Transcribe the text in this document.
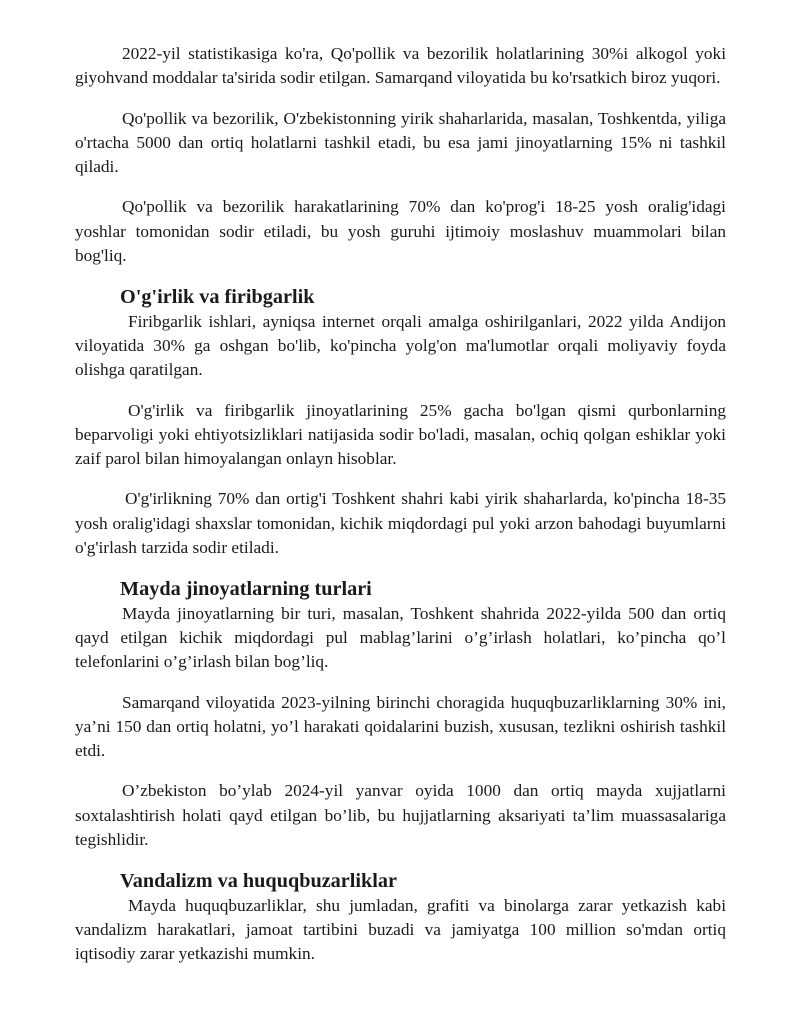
2022-yil statistikasiga ko'ra, Qo'pollik va bezorilik holatlarining 30%i alkogol yoki giyohvand moddalar ta'sirida sodir etilgan. Samarqand viloyatida bu ko'rsatkich biroz yuqori.

Qo'pollik va bezorilik, O'zbekistonning yirik shaharlarida, masalan, Toshkentda, yiliga o'rtacha 5000 dan ortiq holatlarni tashkil etadi, bu esa jami jinoyatlarning 15% ni tashkil qiladi.

Qo'pollik va bezorilik harakatlarining 70% dan ko'prog'i 18-25 yosh oralig'idagi yoshlar tomonidan sodir etiladi, bu yosh guruhi ijtimoiy moslashuv muammolari bilan bog'liq.

O'g'irlik va firibgarlik

Firibgarlik ishlari, ayniqsa internet orqali amalga oshirilganlari, 2022 yilda Andijon viloyatida 30% ga oshgan bo'lib, ko'pincha yolg'on ma'lumotlar orqali moliyaviy foyda olishga qaratilgan.

O'g'irlik va firibgarlik jinoyatlarining 25% gacha bo'lgan qismi qurbonlarning beparvoligi yoki ehtiyotsizliklari natijasida sodir bo'ladi, masalan, ochiq qolgan eshiklar yoki zaif parol bilan himoyalangan onlayn hisoblar.

O'g'irlikning 70% dan ortig'i Toshkent shahri kabi yirik shaharlarda, ko'pincha 18-35 yosh oralig'idagi shaxslar tomonidan, kichik miqdordagi pul yoki arzon bahodagi buyumlarni o'g'irlash tarzida sodir etiladi.

Mayda jinoyatlarning turlari

Mayda jinoyatlarning bir turi, masalan, Toshkent shahrida 2022-yilda 500 dan ortiq qayd etilgan kichik miqdordagi pul mablag’larini o’g’irlash holatlari, ko’pincha qo’l telefonlarini o’g’irlash bilan bog’liq.

Samarqand viloyatida 2023-yilning birinchi choragida huquqbuzarliklarning 30% ini, ya’ni 150 dan ortiq holatni, yo’l harakati qoidalarini buzish, xususan, tezlikni oshirish tashkil etdi.

O’zbekiston bo’ylab 2024-yil yanvar oyida 1000 dan ortiq mayda xujjatlarni soxtalashtirish holati qayd etilgan bo’lib, bu hujjatlarning aksariyati ta’lim muassasalariga tegishlidir.

Vandalizm va huquqbuzarliklar

Mayda huquqbuzarliklar, shu jumladan, grafiti va binolarga zarar yetkazish kabi vandalizm harakatlari, jamoat tartibini buzadi va jamiyatga 100 million so'mdan ortiq iqtisodiy zarar yetkazishi mumkin.
